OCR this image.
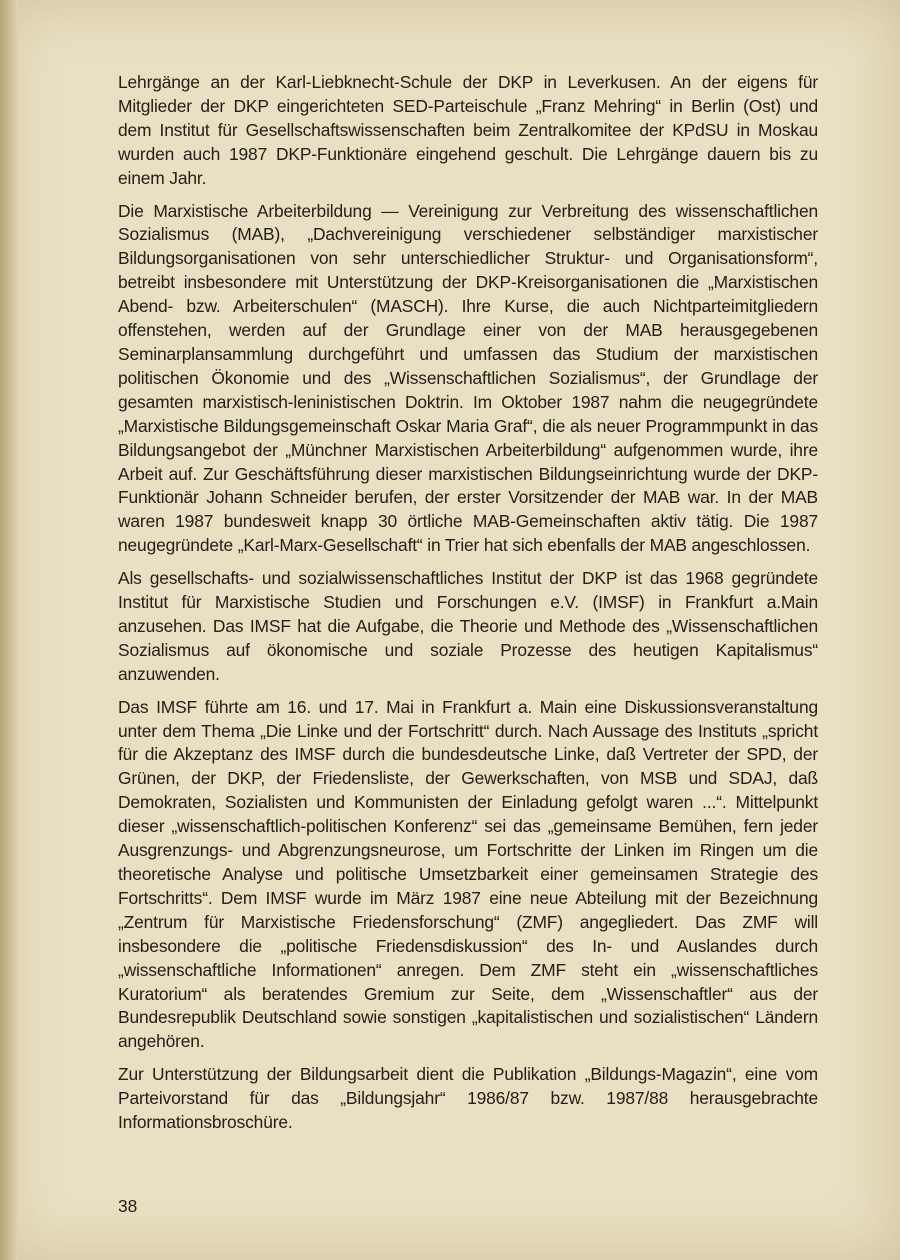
Lehrgänge an der Karl-Liebknecht-Schule der DKP in Leverkusen. An der eigens für Mitglieder der DKP eingerichteten SED-Parteischule „Franz Mehring“ in Berlin (Ost) und dem Institut für Gesellschaftswissenschaften beim Zentralkomitee der KPdSU in Moskau wurden auch 1987 DKP-Funktionäre eingehend geschult. Die Lehrgänge dauern bis zu einem Jahr.

Die Marxistische Arbeiterbildung — Vereinigung zur Verbreitung des wissenschaftlichen Sozialismus (MAB), „Dachvereinigung verschiedener selbständiger marxistischer Bildungsorganisationen von sehr unterschiedlicher Struktur- und Organisationsform“, betreibt insbesondere mit Unterstützung der DKP-Kreisorganisationen die „Marxistischen Abend- bzw. Arbeiterschulen“ (MASCH). Ihre Kurse, die auch Nichtparteimitgliedern offenstehen, werden auf der Grundlage einer von der MAB herausgegebenen Seminarplansammlung durchgeführt und umfassen das Studium der marxistischen politischen Ökonomie und des „Wissenschaftlichen Sozialismus“, der Grundlage der gesamten marxistisch-leninistischen Doktrin. Im Oktober 1987 nahm die neugegründete „Marxistische Bildungsgemeinschaft Oskar Maria Graf“, die als neuer Programmpunkt in das Bildungsangebot der „Münchner Marxistischen Arbeiterbildung“ aufgenommen wurde, ihre Arbeit auf. Zur Geschäftsführung dieser marxistischen Bildungseinrichtung wurde der DKP-Funktionär Johann Schneider berufen, der erster Vorsitzender der MAB war. In der MAB waren 1987 bundesweit knapp 30 örtliche MAB-Gemeinschaften aktiv tätig. Die 1987 neugegründete „Karl-Marx-Gesellschaft“ in Trier hat sich ebenfalls der MAB angeschlossen.

Als gesellschafts- und sozialwissenschaftliches Institut der DKP ist das 1968 gegründete Institut für Marxistische Studien und Forschungen e.V. (IMSF) in Frankfurt a.Main anzusehen. Das IMSF hat die Aufgabe, die Theorie und Methode des „Wissenschaftlichen Sozialismus auf ökonomische und soziale Prozesse des heutigen Kapitalismus“ anzuwenden.

Das IMSF führte am 16. und 17. Mai in Frankfurt a. Main eine Diskussionsveranstaltung unter dem Thema „Die Linke und der Fortschritt“ durch. Nach Aussage des Instituts „spricht für die Akzeptanz des IMSF durch die bundesdeutsche Linke, daß Vertreter der SPD, der Grünen, der DKP, der Friedensliste, der Gewerkschaften, von MSB und SDAJ, daß Demokraten, Sozialisten und Kommunisten der Einladung gefolgt waren ...“. Mittelpunkt dieser „wissenschaftlich-politischen Konferenz“ sei das „gemeinsame Bemühen, fern jeder Ausgrenzungs- und Abgrenzungsneurose, um Fortschritte der Linken im Ringen um die theoretische Analyse und politische Umsetzbarkeit einer gemeinsamen Strategie des Fortschritts“. Dem IMSF wurde im März 1987 eine neue Abteilung mit der Bezeichnung „Zentrum für Marxistische Friedensforschung“ (ZMF) angegliedert. Das ZMF will insbesondere die „politische Friedensdiskussion“ des In- und Auslandes durch „wissenschaftliche Informationen“ anregen. Dem ZMF steht ein „wissenschaftliches Kuratorium“ als beratendes Gremium zur Seite, dem „Wissenschaftler“ aus der Bundesrepublik Deutschland sowie sonstigen „kapitalistischen und sozialistischen“ Ländern angehören.

Zur Unterstützung der Bildungsarbeit dient die Publikation „Bildungs-Magazin“, eine vom Parteivorstand für das „Bildungsjahr“ 1986/87 bzw. 1987/88 herausgebrachte Informationsbroschüre.

38
